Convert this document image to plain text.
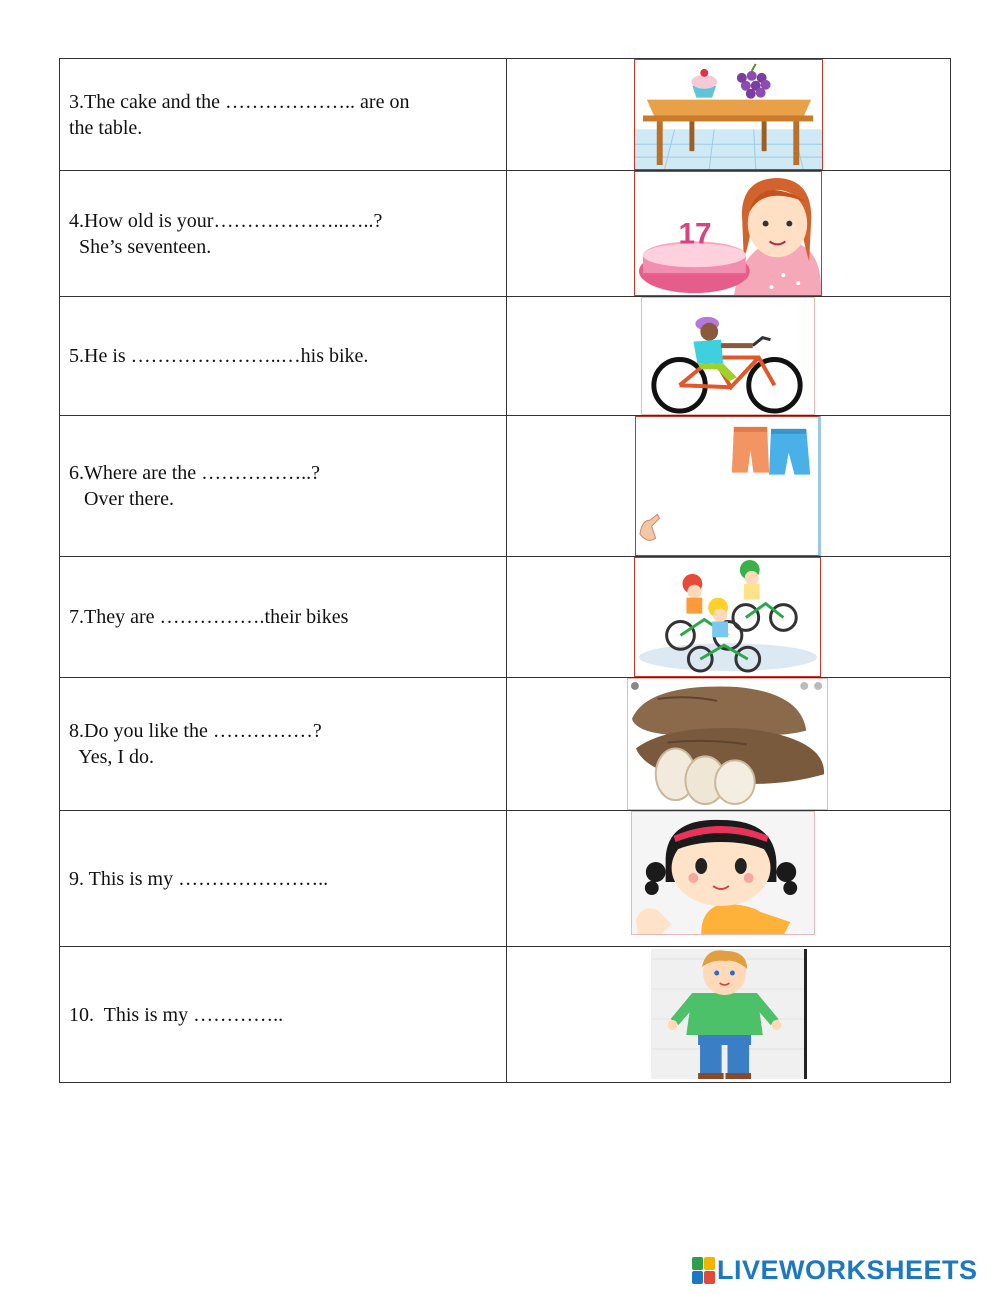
3.The cake and the ……………….. are on
the table.

4.How old is your………………..…..?
She’s seventeen.	17

5.He is …………………..…his bike.

6.Where are the ……………..?
Over there.

7.They are …………….their bikes

8.Do you like the ……………?
Yes, I do.

9. This is my …………………..

10.  This is my …………..

LIVEWORKSHEETS
